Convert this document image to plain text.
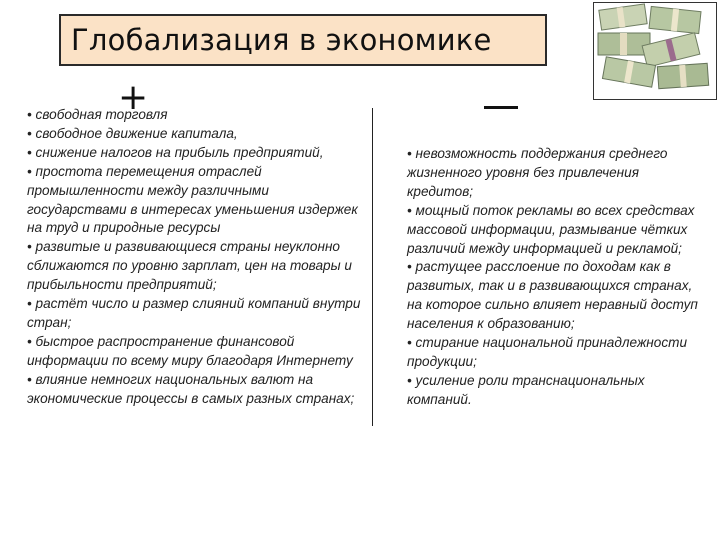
Глобализация в экономике
+

• свободная торговля

• свободное движение капитала,

• снижение налогов на прибыль предприятий,

• простота перемещения отраслей промышленности между различными государствами в интересах уменьшения издержек на труд и природные ресурсы

• развитые и развивающиеся страны неуклонно сближаются по уровню зарплат, цен на товары и прибыльности предприятий;

• растёт число и размер слияний компаний внутри стран;

• быстрое распространение финансовой информации по всему миру благодаря Интернету

• влияние немногих национальных валют на экономические процессы в самых разных странах;

• невозможность поддержания среднего жизненного уровня без привлечения кредитов;

• мощный поток рекламы во всех средствах массовой информации, размывание чётких различий между информацией и рекламой;

• растущее расслоение по доходам как в развитых, так и в развивающихся странах, на которое сильно влияет неравный доступ населения к образованию;

• стирание национальной принадлежности продукции;

• усиление роли транснациональных компаний.
